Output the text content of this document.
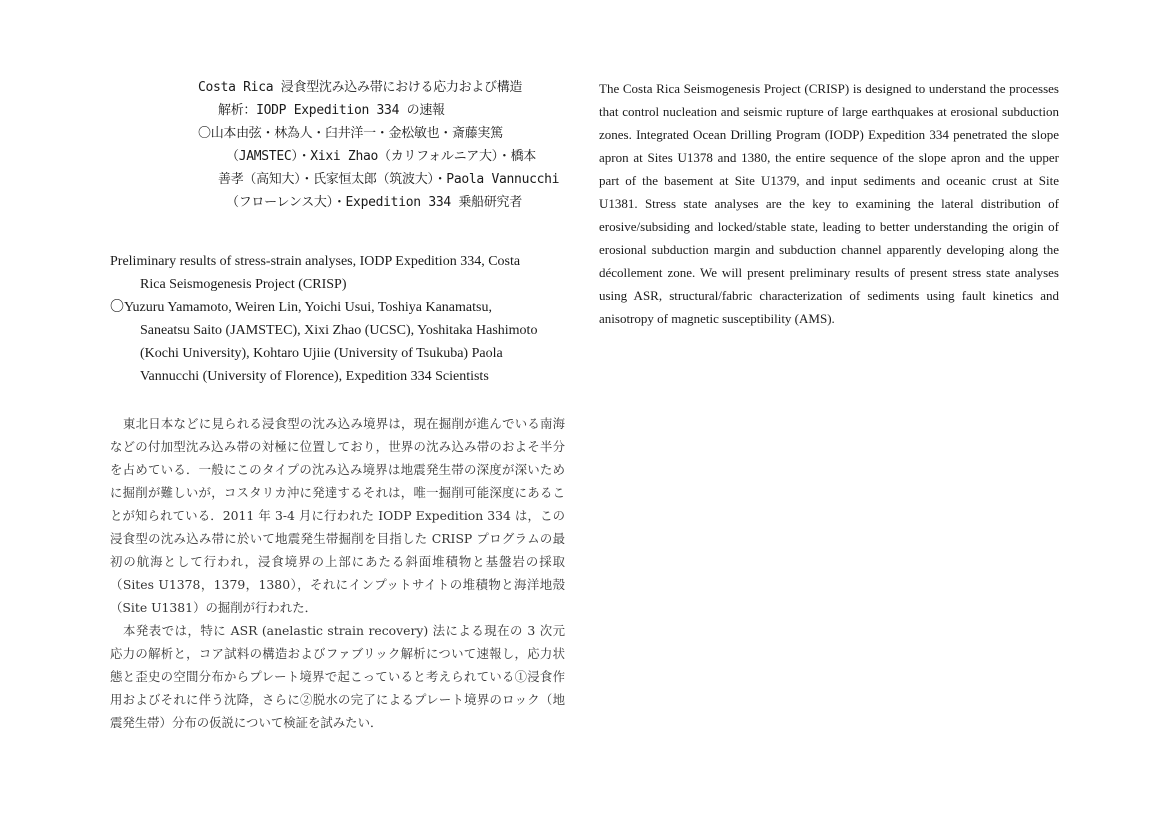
Costa Rica 浸食型沈み込み帯における応力および構造
解析：IODP Expedition 334 の速報
〇山本由弦・林為人・臼井洋一・金松敏也・斎藤実篤
（JAMSTEC）・Xixi Zhao（カリフォルニア大）・橋本
善孝（高知大）・氏家恒太郎（筑波大）・Paola Vannucchi
（フローレンス大）・Expedition 334 乗船研究者
Preliminary results of stress-strain analyses, IODP Expedition 334, Costa
Rica Seismogenesis Project (CRISP)
〇Yuzuru Yamamoto, Weiren Lin, Yoichi Usui, Toshiya Kanamatsu,
Saneatsu Saito (JAMSTEC), Xixi Zhao (UCSC), Yoshitaka Hashimoto
(Kochi University), Kohtaro Ujiie (University of Tsukuba) Paola
Vannucchi (University of Florence), Expedition 334 Scientists

東北日本などに見られる浸食型の沈み込み境界は，現在掘削が進んでいる南海などの付加型沈み込み帯の対極に位置しており，世界の沈み込み帯のおよそ半分を占めている．一般にこのタイプの沈み込み境界は地震発生帯の深度が深いために掘削が難しいが，コスタリカ沖に発達するそれは，唯一掘削可能深度にあることが知られている．2011 年 3-4 月に行われた IODP Expedition 334 は，この浸食型の沈み込み帯に於いて地震発生帯掘削を目指した CRISP プログラムの最初の航海として行われ，浸食境界の上部にあたる斜面堆積物と基盤岩の採取（Sites U1378，1379，1380），それにインプットサイトの堆積物と海洋地殻（Site U1381）の掘削が行われた．

本発表では，特に ASR (anelastic strain recovery) 法による現在の 3 次元応力の解析と，コア試料の構造およびファブリック解析について速報し，応力状態と歪史の空間分布からプレート境界で起こっていると考えられている①浸食作用およびそれに伴う沈降，さらに②脱水の完了によるプレート境界のロック（地震発生帯）分布の仮説について検証を試みたい．

The Costa Rica Seismogenesis Project (CRISP) is designed to understand the processes that control nucleation and seismic rupture of large earthquakes at erosional subduction zones. Integrated Ocean Drilling Program (IODP) Expedition 334 penetrated the slope apron at Sites U1378 and 1380, the entire sequence of the slope apron and the upper part of the basement at Site U1379, and input sediments and oceanic crust at Site U1381. Stress state analyses are the key to examining the lateral distribution of erosive/subsiding and locked/stable state, leading to better understanding the origin of erosional subduction margin and subduction channel apparently developing along the décollement zone. We will present preliminary results of present stress state analyses using ASR, structural/fabric characterization of sediments using fault kinetics and anisotropy of magnetic susceptibility (AMS).
